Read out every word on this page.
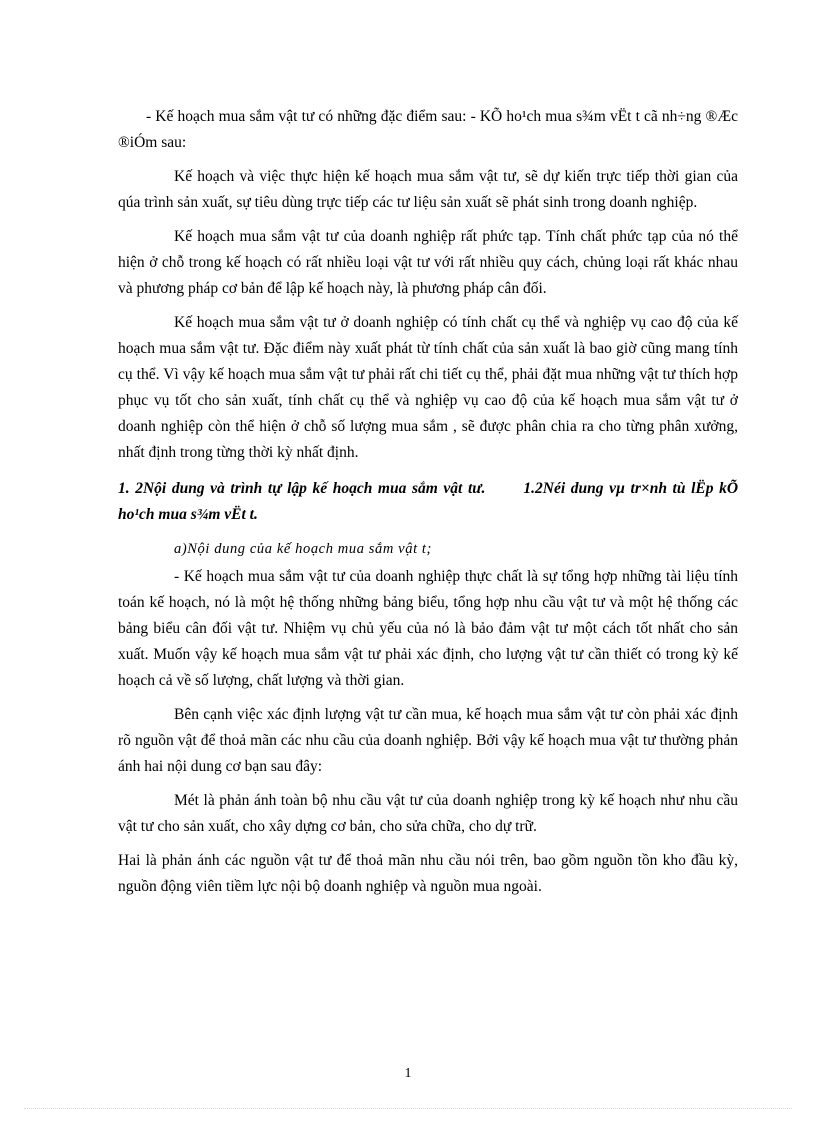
- Kế hoạch mua sắm vật tư có những đặc điểm sau: - KÕ ho¹ch mua s¾m vËt t cã nh÷ng ®Æc ®iÓm sau:

Kế hoạch và việc thực hiện kế hoạch mua sắm vật tư, sẽ dự kiến trực tiếp thời gian của qúa trình sản xuất, sự tiêu dùng trực tiếp các tư liệu sản xuất sẽ phát sinh trong doanh nghiệp.

Kế hoạch mua sắm vật tư của doanh nghiệp rất phức tạp. Tính chất phức tạp của nó thể hiện ở chỗ trong kế hoạch có rất nhiều loại vật tư với rất nhiều quy cách, chủng loại rất khác nhau và phương pháp cơ bản để lập kế hoạch này, là phương pháp cân đối.

Kế hoạch mua sắm vật tư ở doanh nghiệp có tính chất cụ thể và nghiệp vụ cao độ của kế hoạch mua sắm vật tư. Đặc điểm này xuất phát từ tính chất của sản xuất là bao giờ cũng mang tính cụ thể. Vì vậy kế hoạch mua sắm vật tư phải rất chi tiết cụ thể, phải đặt mua những vật tư thích hợp phục vụ tốt cho sản xuất, tính chất cụ thể và nghiệp vụ cao độ của kế hoạch mua sắm vật tư ở doanh nghiệp còn thể hiện ở chỗ số lượng mua sắm , sẽ được phân chia ra cho từng phân xưởng, nhất định trong từng thời kỳ nhất định.

1. 2Nội dung và trình tự lập kế hoạch mua sắm vật tư. 1.2Néi dung vµ tr×nh tù lËp kÕ ho¹ch mua s¾m vËt t.

a)Nội dung của kế hoạch mua sắm vật t;

- Kế hoạch mua sắm vật tư của doanh nghiệp thực chất là sự tổng hợp những tài liệu tính toán kế hoạch, nó là một hệ thống những bảng biểu, tổng hợp nhu cầu vật tư và một hệ thống các bảng biểu cân đối vật tư. Nhiệm vụ chủ yếu của nó là bảo đảm vật tư một cách tốt nhất cho sản xuất. Muốn vậy kế hoạch mua sắm vật tư phải xác định, cho lượng vật tư cần thiết có trong kỳ kế hoạch cả về số lượng, chất lượng và thời gian.

Bên cạnh việc xác định lượng vật tư cần mua, kế hoạch mua sắm vật tư còn phải xác định rõ nguồn vật để thoả mãn các nhu cầu của doanh nghiệp. Bởi vậy kế hoạch mua vật tư thường phản ánh hai nội dung cơ bạn sau đây:

Mét là phản ánh toàn bộ nhu cầu vật tư của doanh nghiệp trong kỳ kế hoạch như nhu cầu vật tư cho sản xuất, cho xây dựng cơ bản, cho sửa chữa, cho dự trữ.

Hai là phản ánh các nguồn vật tư để thoả mãn nhu cầu nói trên, bao gồm nguồn tồn kho đầu kỳ, nguồn động viên tiềm lực nội bộ doanh nghiệp và nguồn mua ngoài.

1
